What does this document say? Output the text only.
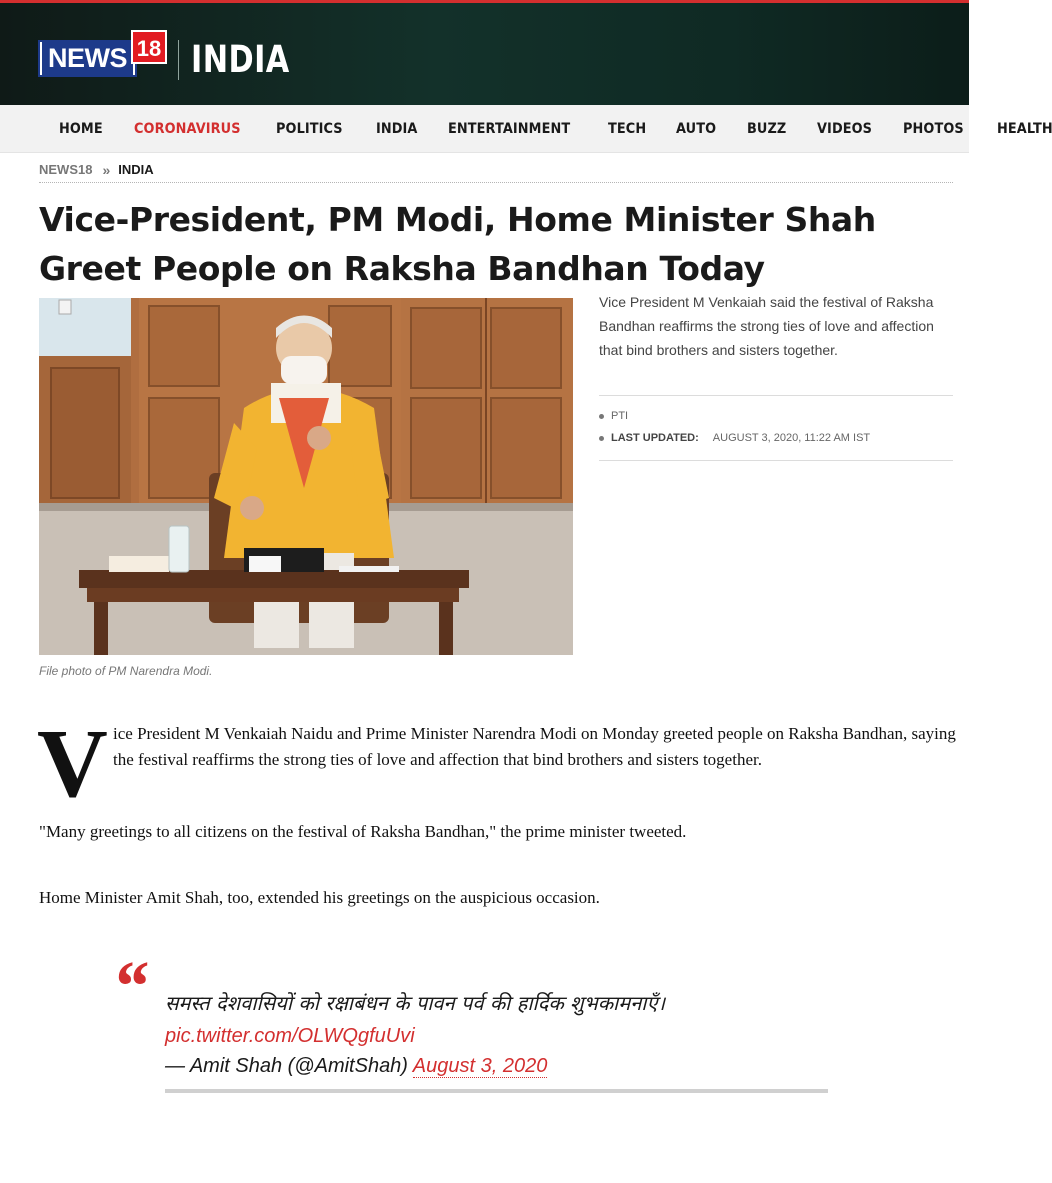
NEWS 18 INDIA
HOME CORONAVIRUS	POLITICS INDIA ENTERTAINMENT	TECH AUTO BUZZ VIDEOS PHOTOS HEALTH
NEWS18 » INDIA
Vice-President, PM Modi, Home Minister Shah Greet People on Raksha Bandhan Today
File photo of PM Narendra Modi.

Vice President M Venkaiah said the festival of Raksha Bandhan reaffirms the strong ties of love and affection that bind brothers and sisters together.

PTI
LAST UPDATED: AUGUST 3, 2020, 11:22 AM IST
V ice President M Venkaiah Naidu and Prime Minister Narendra Modi on Monday greeted people on Raksha Bandhan, saying the festival reaffirms the strong ties of love and affection that bind brothers and sisters together.

"Many greetings to all citizens on the festival of Raksha Bandhan," the prime minister tweeted.

Home Minister Amit Shah, too, extended his greetings on the auspicious occasion.

“ समस्त देशवासियों को रक्षाबंधन के पावन पर्व की हार्दिक शुभकामनाएँ।

pic.twitter.com/OLWQgfuUvi

— Amit Shah (@AmitShah) August 3, 2020
